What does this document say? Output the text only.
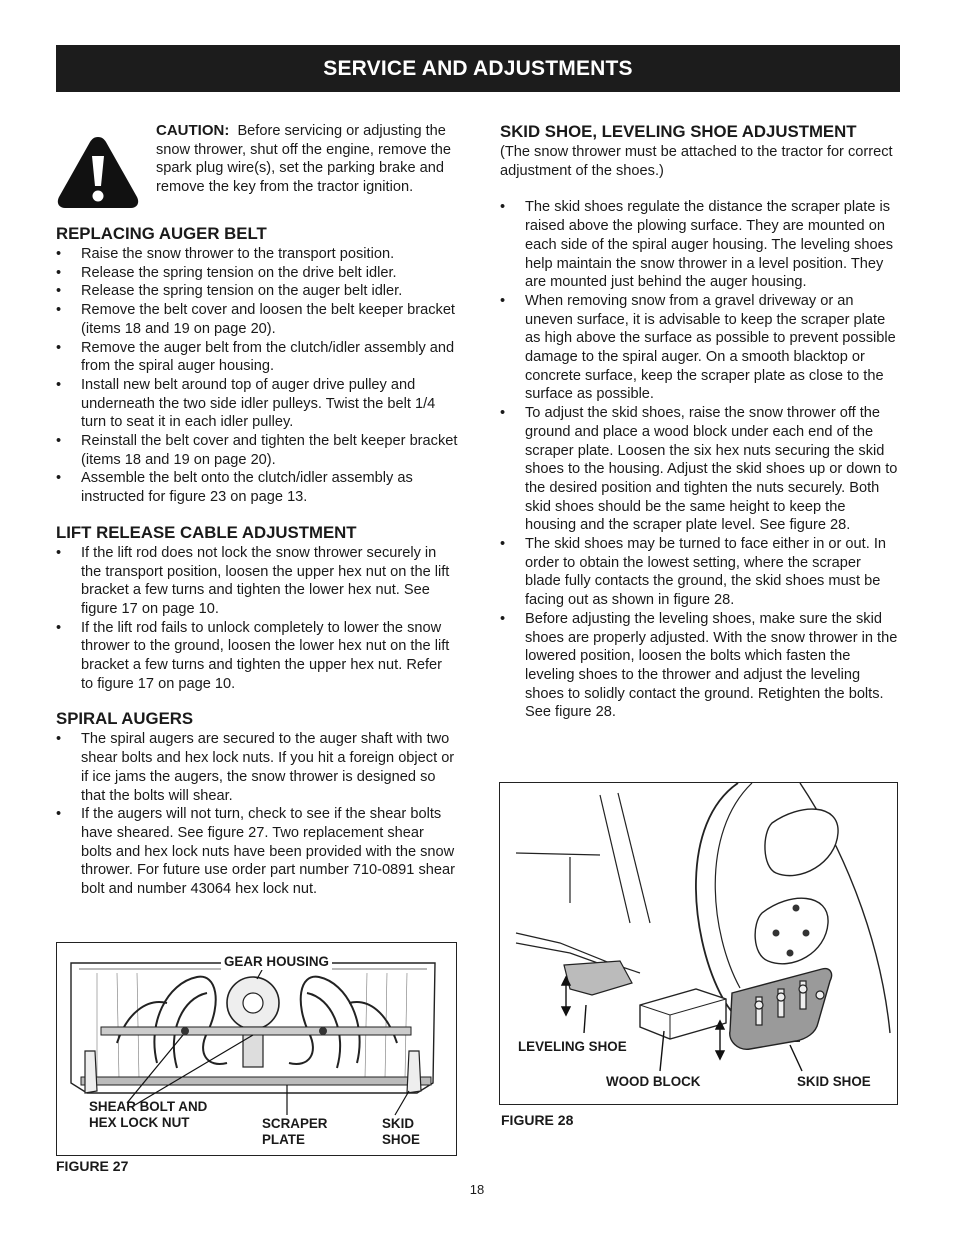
SERVICE AND ADJUSTMENTS
CAUTION: Before servicing or adjusting the snow thrower, shut off the engine, remove the spark plug wire(s), set the parking brake and remove the key from the tractor ignition.
REPLACING AUGER BELT
• Raise the snow thrower to the transport position.
• Release the spring tension on the drive belt idler.
• Release the spring tension on the auger belt idler.
• Remove the belt cover and loosen the belt keeper bracket (items 18 and 19 on page 20).
• Remove the auger belt from the clutch/idler assembly and from the spiral auger housing.
• Install new belt around top of auger drive pulley and underneath the two side idler pulleys. Twist the belt 1/4 turn to seat it in each idler pulley.
• Reinstall the belt cover and tighten the belt keeper bracket (items 18 and 19 on page 20).
• Assemble the belt onto the clutch/idler assembly as instructed for figure 23 on page 13.
LIFT RELEASE CABLE ADJUSTMENT
• If the lift rod does not lock the snow thrower securely in the transport position, loosen the upper hex nut on the lift bracket a few turns and tighten the lower hex nut. See figure 17 on page 10.
• If the lift rod fails to unlock completely to lower the snow thrower to the ground, loosen the lower hex nut on the lift bracket a few turns and tighten the upper hex nut. Refer to figure 17 on page 10.
SPIRAL AUGERS
• The spiral augers are secured to the auger shaft with two shear bolts and hex lock nuts. If you hit a foreign object or if ice jams the augers, the snow thrower is designed so that the bolts will shear.
• If the augers will not turn, check to see if the shear bolts have sheared. See figure 27. Two replacement shear bolts and hex lock nuts have been provided with the snow thrower. For future use order part number 710-0891 shear bolt and number 43064 hex lock nut.
SKID SHOE, LEVELING SHOE ADJUSTMENT
(The snow thrower must be attached to the tractor for correct adjustment of the shoes.)
• The skid shoes regulate the distance the scraper plate is raised above the plowing surface. They are mounted on each side of the spiral auger housing. The leveling shoes help maintain the snow thrower in a level position. They are mounted just behind the auger housing.
• When removing snow from a gravel driveway or an uneven surface, it is advisable to keep the scraper plate as high above the surface as possible to prevent possible damage to the spiral auger. On a smooth blacktop or concrete surface, keep the scraper plate as close to the surface as possible.
• To adjust the skid shoes, raise the snow thrower off the ground and place a wood block under each end of the scraper plate. Loosen the six hex nuts securing the skid shoes to the housing. Adjust the skid shoes up or down to the desired position and tighten the nuts securely. Both skid shoes should be the same height to keep the housing and the scraper plate level. See figure 28.
• The skid shoes may be turned to face either in or out. In order to obtain the lowest setting, where the scraper blade fully contacts the ground, the skid shoes must be facing out as shown in figure 28.
• Before adjusting the leveling shoes, make sure the skid shoes are properly adjusted. With the snow thrower in the lowered position, loosen the bolts which fasten the leveling shoes to the thrower and adjust the leveling shoes to solidly contact the ground. Retighten the bolts. See figure 28.
GEAR HOUSING
SHEAR BOLT AND
HEX LOCK NUT	SCRAPER
PLATE
SKID
SHOE
FIGURE 27
LEVELING SHOE
WOOD BLOCK	SKID SHOE
FIGURE 28
18
